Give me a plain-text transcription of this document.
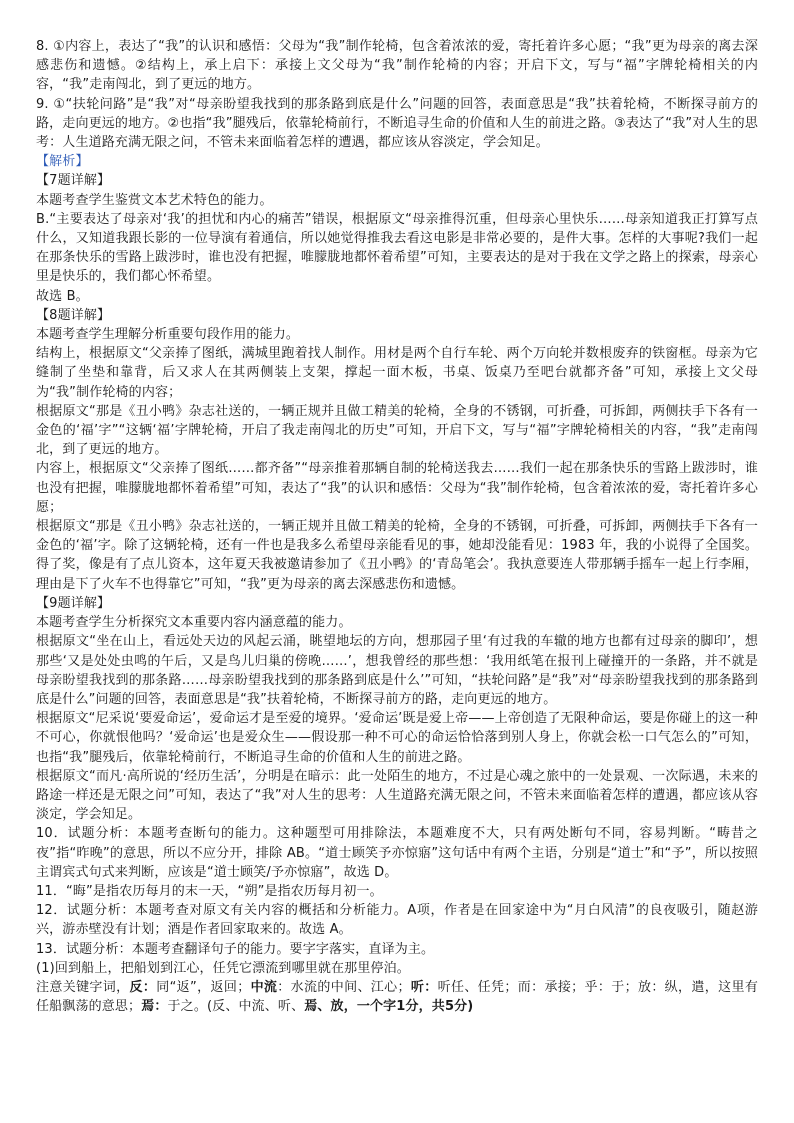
8. ①内容上，表达了“我”的认识和感悟：父母为“我”制作轮椅，包含着浓浓的爱，寄托着许多心愿；“我”更为母亲的离去深感悲伤和遗憾。②结构上，承上启下：承接上文父母为“我”制作轮椅的内容；开启下文，写与“福”字牌轮椅相关的内容，“我”走南闯北，到了更远的地方。

9. ①“扶轮问路”是“我”对“母亲盼望我找到的那条路到底是什么”问题的回答，表面意思是“我”扶着轮椅，不断探寻前方的路，走向更远的地方。②也指“我”腿残后，依靠轮椅前行，不断追寻生命的价值和人生的前进之路。③表达了“我”对人生的思考：人生道路充满无限之问，不管未来面临着怎样的遭遇，都应该从容淡定，学会知足。

【解析】

【7题详解】

本题考查学生鉴赏文本艺术特色的能力。

B.“主要表达了母亲对‘我’的担忧和内心的痛苦”错误，根据原文“母亲推得沉重，但母亲心里快乐……母亲知道我正打算写点什么，又知道我跟长影的一位导演有着通信，所以她觉得推我去看这电影是非常必要的，是件大事。怎样的大事呢?我们一起在那条快乐的雪路上跋涉时，谁也没有把握，唯朦胧地都怀着希望”可知，主要表达的是对于我在文学之路上的探索，母亲心里是快乐的，我们都心怀希望。

故选 B。

【8题详解】

本题考查学生理解分析重要句段作用的能力。

结构上，根据原文“父亲捧了图纸，满城里跑着找人制作。用材是两个自行车轮、两个万向轮并数根废弃的铁窗框。母亲为它缝制了坐垫和靠背，后又求人在其两侧装上支架，撑起一面木板，书桌、饭桌乃至吧台就都齐备”可知，承接上文父母为“我”制作轮椅的内容；

根据原文“那是《丑小鸭》杂志社送的，一辆正规并且做工精美的轮椅，全身的不锈钢，可折叠，可拆卸，两侧扶手下各有一金色的‘福’字”“这辆‘福’字牌轮椅，开启了我走南闯北的历史”可知，开启下文，写与“福”字牌轮椅相关的内容，“我”走南闯北，到了更远的地方。

内容上，根据原文“父亲捧了图纸……都齐备”“母亲推着那辆自制的轮椅送我去……我们一起在那条快乐的雪路上跋涉时，谁也没有把握，唯朦胧地都怀着希望”可知，表达了“我”的认识和感悟：父母为“我”制作轮椅，包含着浓浓的爱，寄托着许多心愿；

根据原文“那是《丑小鸭》杂志社送的，一辆正规并且做工精美的轮椅，全身的不锈钢，可折叠，可拆卸，两侧扶手下各有一金色的‘福’字。除了这辆轮椅，还有一件也是我多么希望母亲能看见的事，她却没能看见：1983 年，我的小说得了全国奖。得了奖，像是有了点儿资本，这年夏天我被邀请参加了《丑小鸭》的‘青岛笔会’。我执意要连人带那辆手摇车一起上行李厢，理由是下了火车不也得靠它”可知，“我”更为母亲的离去深感悲伤和遗憾。

【9题详解】

本题考查学生分析探究文本重要内容内涵意蕴的能力。

根据原文“坐在山上，看远处天边的风起云涌，眺望地坛的方向，想那园子里‘有过我的车辙的地方也都有过母亲的脚印’，想那些‘又是处处虫鸣的午后，又是鸟儿归巢的傍晚……’，想我曾经的那些想：‘我用纸笔在报刊上碰撞开的一条路，并不就是母亲盼望我找到的那条路……母亲盼望我找到的那条路到底是什么’”可知，“扶轮问路”是“我”对“母亲盼望我找到的那条路到底是什么”问题的回答，表面意思是“我”扶着轮椅，不断探寻前方的路，走向更远的地方。

根据原文“尼采说‘要爱命运’，爱命运才是至爱的境界。‘爱命运’既是爱上帝——上帝创造了无限种命运，要是你碰上的这一种不可心，你就恨他吗？‘爱命运’也是爱众生——假设那一种不可心的命运恰恰落到别人身上，你就会松一口气怎么的”可知，也指“我”腿残后，依靠轮椅前行，不断追寻生命的价值和人生的前进之路。

根据原文“而凡·高所说的‘经历生活’，分明是在暗示：此一处陌生的地方，不过是心魂之旅中的一处景观、一次际遇，未来的路途一样还是无限之问”可知，表达了“我”对人生的思考：人生道路充满无限之问，不管未来面临着怎样的遭遇，都应该从容淡定，学会知足。

10．试题分析：本题考查断句的能力。这种题型可用排除法，本题难度不大，只有两处断句不同，容易判断。“畴昔之夜”指“昨晚”的意思，所以不应分开，排除 AB。“道士顾笑予亦惊寤”这句话中有两个主语，分别是“道士”和“予”，所以按照主谓宾式句式来判断，应该是“道士顾笑/予亦惊寤”，故选 D。

11．“晦”是指农历每月的末一天，“朔”是指农历每月初一。

12．试题分析：本题考查对原文有关内容的概括和分析能力。A项，作者是在回家途中为“月白风清”的良夜吸引，随赵游兴，游赤壁没有计划；酒是作者回家取来的。故选 A。

13．试题分析：本题考查翻译句子的能力。要字字落实，直译为主。

(1)回到船上，把船划到江心，任凭它漂流到哪里就在那里停泊。

注意关键字词，反：同“返”，返回；中流：水流的中间、江心；听：听任、任凭；而：承接；乎：于；放：纵，遣，这里有任船飘荡的意思；焉：于之。(反、中流、听、焉、放，一个字1分，共5分)
